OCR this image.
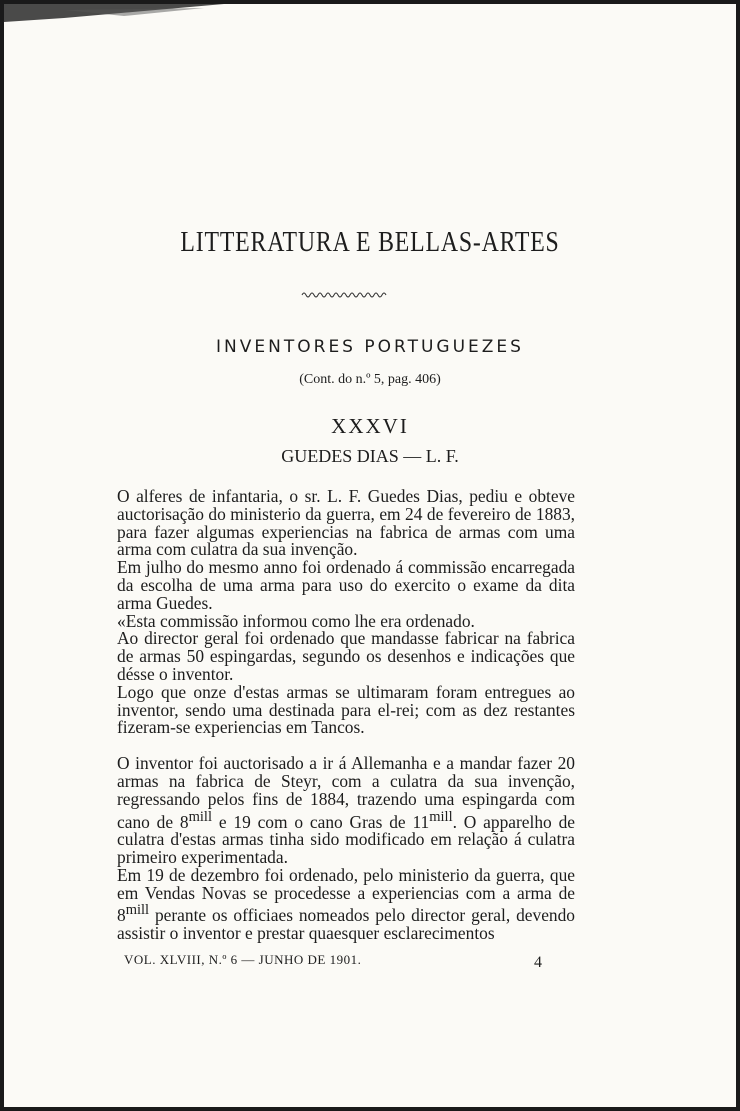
LITTERATURA E BELLAS-ARTES
INVENTORES PORTUGUEZES
(Cont. do n.º 5, pag. 406)
XXXVI
GUEDES DIAS — L. F.

O alferes de infantaria, o sr. L. F. Guedes Dias, pediu e obteve auctorisação do ministerio da guerra, em 24 de fevereiro de 1883, para fazer algumas experiencias na fabrica de armas com uma arma com culatra da sua invenção.

Em julho do mesmo anno foi ordenado á commissão encarregada da escolha de uma arma para uso do exercito o exame da dita arma Guedes.

«Esta commissão informou como lhe era ordenado.

Ao director geral foi ordenado que mandasse fabricar na fabrica de armas 50 espingardas, segundo os desenhos e indicações que désse o inventor.

Logo que onze d'estas armas se ultimaram foram entregues ao inventor, sendo uma destinada para el-rei; com as dez restantes fizeram-se experiencias em Tancos.

O inventor foi auctorisado a ir á Allemanha e a mandar fazer 20 armas na fabrica de Steyr, com a culatra da sua invenção, regressando pelos fins de 1884, trazendo uma espingarda com cano de $8^{mill}$ e 19 com o cano Gras de $11^{mill}$. O apparelho de culatra d'estas armas tinha sido modificado em relação á culatra primeiro experimentada.

Em 19 de dezembro foi ordenado, pelo ministerio da guerra, que em Vendas Novas se procedesse a experiencias com a arma de $8^{mill}$ perante os officiaes nomeados pelo director geral, devendo assistir o inventor e prestar quaesquer esclarecimentos

VOL. XLVIII, N.º 6 — JUNHO DE 1901.	4
